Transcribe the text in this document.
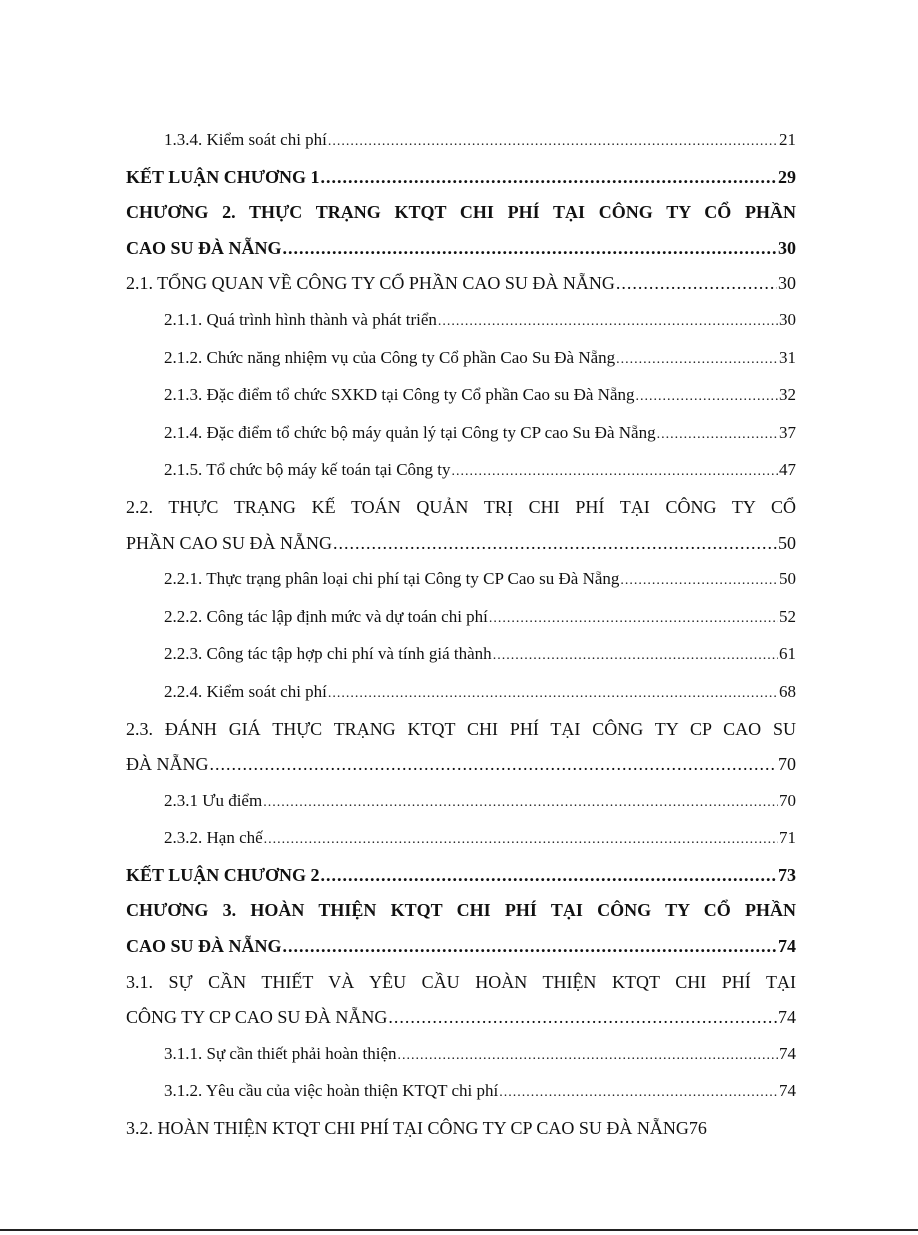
1.3.4. Kiểm soát chi phí .....	21
KẾT LUẬN CHƯƠNG 1 .....	29
CHƯƠNG 2. THỰC TRẠNG KTQT CHI PHÍ TẠI CÔNG TY CỔ PHẦN
CAO SU ĐÀ NẴNG .....	30
2.1. TỔNG QUAN VỀ CÔNG TY CỔ PHẦN CAO SU ĐÀ NẴNG .....	30
2.1.1. Quá trình hình thành và phát triển .....	30
2.1.2. Chức năng nhiệm vụ của Công ty Cổ phần Cao Su Đà Nẵng .....	31
2.1.3. Đặc điểm tổ chức SXKD tại Công ty Cổ phần Cao su Đà Nẵng .....	32
2.1.4. Đặc điểm tổ chức bộ máy quản lý tại Công ty CP cao Su Đà Nẵng .....	37
2.1.5. Tổ chức bộ máy kế toán tại Công ty .....	47
2.2. THỰC TRẠNG KẾ TOÁN QUẢN TRỊ CHI PHÍ TẠI CÔNG TY CỔ
PHẦN CAO SU ĐÀ NẴNG .....	50
2.2.1. Thực trạng phân loại chi phí tại Công ty CP Cao su Đà Nẵng .....	50
2.2.2. Công tác lập định mức và dự toán chi phí .....	52
2.2.3. Công tác tập hợp chi phí và tính giá thành .....	61
2.2.4. Kiểm soát chi phí .....	68
2.3. ĐÁNH GIÁ THỰC TRẠNG KTQT CHI PHÍ TẠI CÔNG TY CP CAO SU
ĐÀ NẴNG .....	70
2.3.1 Ưu điểm .....	70
2.3.2. Hạn chế .....	71
KẾT LUẬN CHƯƠNG 2 .....	73
CHƯƠNG 3. HOÀN THIỆN KTQT CHI PHÍ TẠI CÔNG TY CỔ PHẦN
CAO SU ĐÀ NẴNG .....	74
3.1. SỰ CẦN THIẾT VÀ YÊU CẦU HOÀN THIỆN KTQT CHI PHÍ TẠI
CÔNG TY CP CAO SU ĐÀ NẴNG .....	74
3.1.1. Sự cần thiết phải hoàn thiện .....	74
3.1.2. Yêu cầu của việc hoàn thiện KTQT chi phí .....	74
3.2. HOÀN THIỆN KTQT CHI PHÍ TẠI CÔNG TY CP CAO SU ĐÀ NẴNG 76
